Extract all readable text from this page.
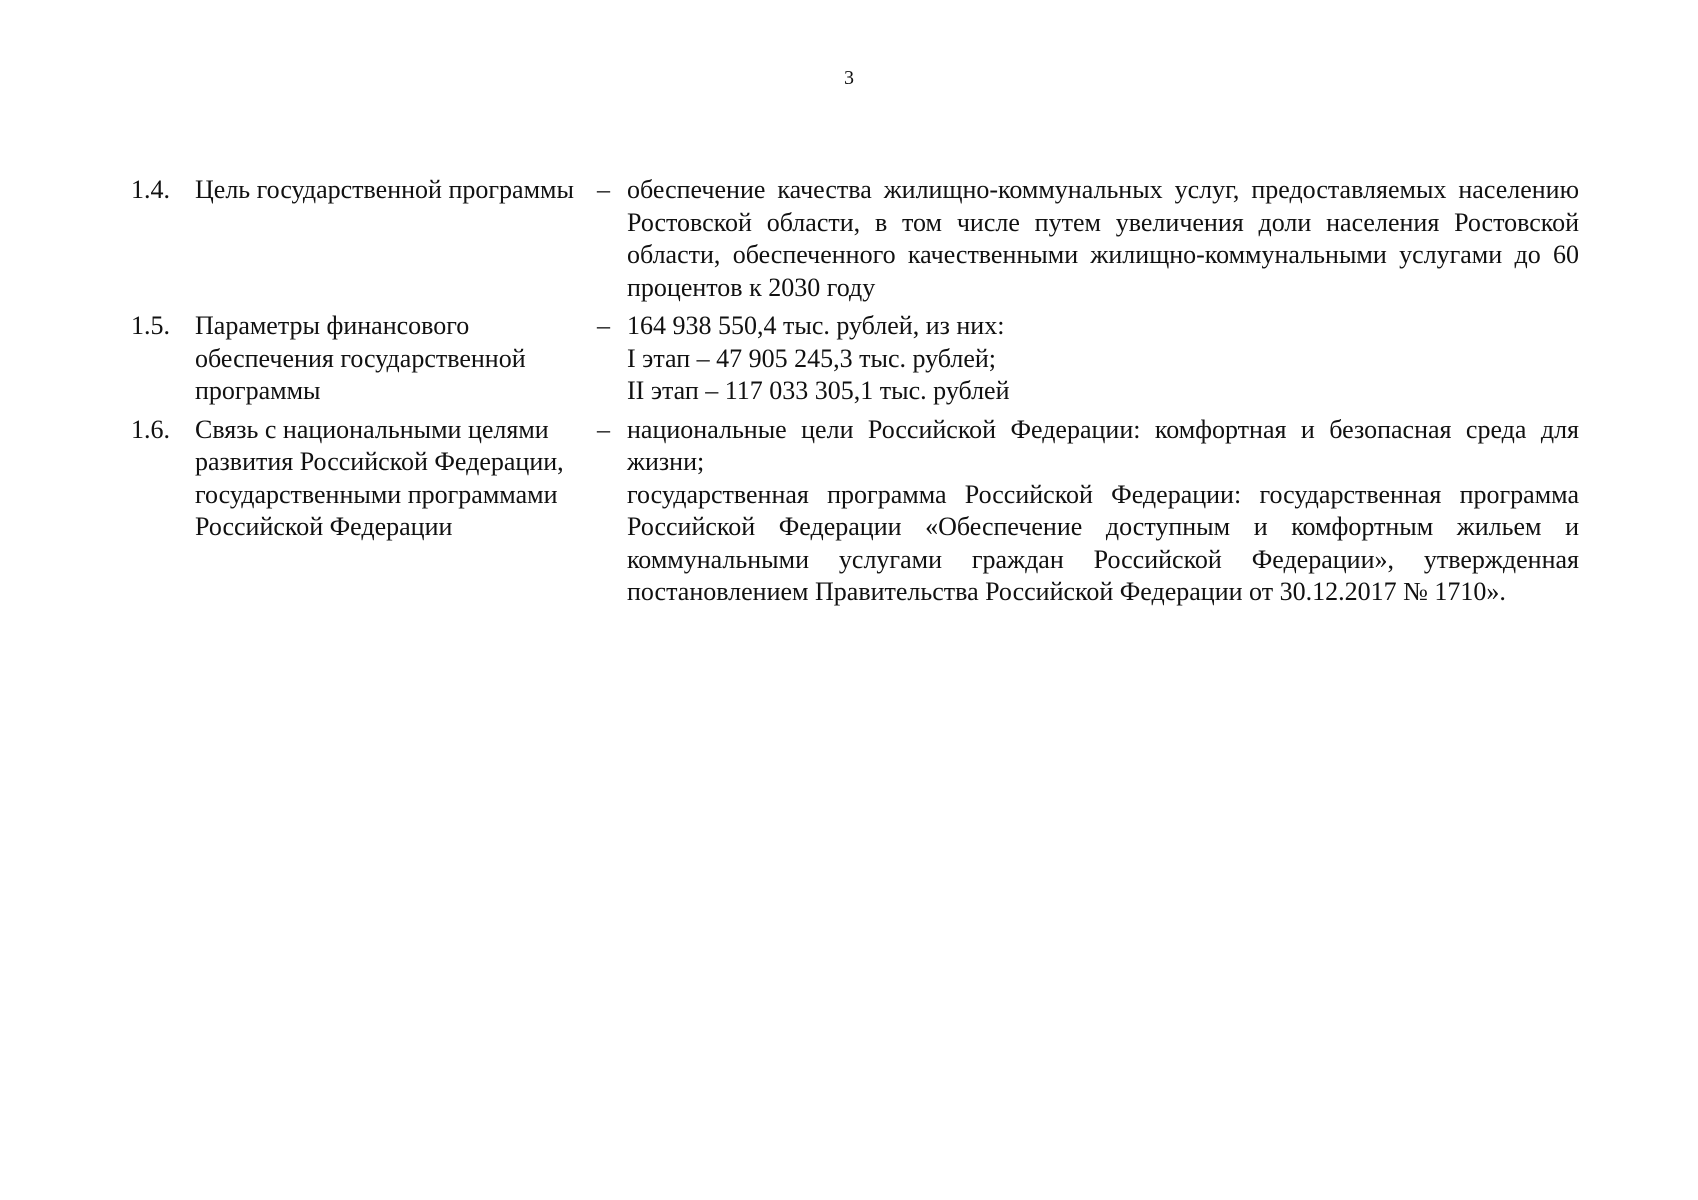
3
1.4. Цель государственной программы – обеспечение качества жилищно-коммунальных услуг, предоставляемых населению Ростовской области, в том числе путем увеличения доли населения Ростовской области, обеспеченного качественными жилищно-коммунальными услугами до 60 процентов к 2030 году

1.5. Параметры финансового обеспечения государственной программы
– 164 938 550,4 тыс. рублей, из них:

I этап – 47 905 245,3 тыс. рублей;

II этап – 117 033 305,1 тыс. рублей

1.6. Связь с национальными целями развития Российской Федерации, государственными программами Российской Федерации
– национальные цели Российской Федерации: комфортная и безопасная среда для жизни;

государственная программа Российской Федерации: государственная программа Российской Федерации «Обеспечение доступным и комфортным жильем и коммунальными услугами граждан Российской Федерации», утвержденная постановлением Правительства Российской Федерации от 30.12.2017 № 1710».
